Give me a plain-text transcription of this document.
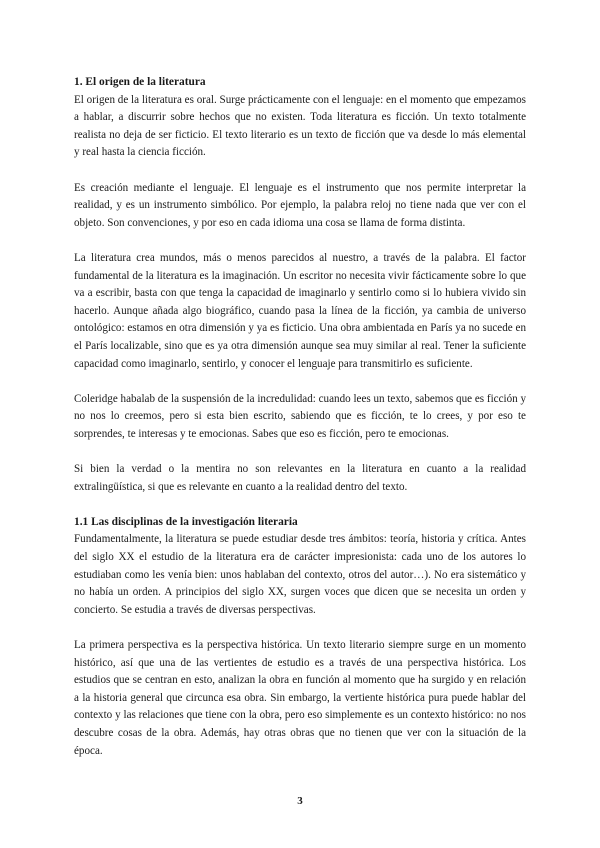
1. El origen de la literatura

El origen de la literatura es oral. Surge prácticamente con el lenguaje: en el momento que empezamos a hablar, a discurrir sobre hechos que no existen. Toda literatura es ficción. Un texto totalmente realista no deja de ser ficticio. El texto literario es un texto de ficción que va desde lo más elemental y real hasta la ciencia ficción.

Es creación mediante el lenguaje. El lenguaje es el instrumento que nos permite interpretar la realidad, y es un instrumento simbólico. Por ejemplo, la palabra reloj no tiene nada que ver con el objeto. Son convenciones, y por eso en cada idioma una cosa se llama de forma distinta.

La literatura crea mundos, más o menos parecidos al nuestro, a través de la palabra. El factor fundamental de la literatura es la imaginación. Un escritor no necesita vivir fácticamente sobre lo que va a escribir, basta con que tenga la capacidad de imaginarlo y sentirlo como si lo hubiera vivido sin hacerlo. Aunque añada algo biográfico, cuando pasa la línea de la ficción, ya cambia de universo ontológico: estamos en otra dimensión y ya es ficticio. Una obra ambientada en París ya no sucede en el París localizable, sino que es ya otra dimensión aunque sea muy similar al real. Tener la suficiente capacidad como imaginarlo, sentirlo, y conocer el lenguaje para transmitirlo es suficiente.

Coleridge habalab de la suspensión de la incredulidad: cuando lees un texto, sabemos que es ficción y no nos lo creemos, pero si esta bien escrito, sabiendo que es ficción, te lo crees, y por eso te sorprendes, te interesas y te emocionas. Sabes que eso es ficción, pero te emocionas.

Si bien la verdad o la mentira no son relevantes en la literatura en cuanto a la realidad extralingüística, si que es relevante en cuanto a la realidad dentro del texto.

1.1 Las disciplinas de la investigación literaria

Fundamentalmente, la literatura se puede estudiar desde tres ámbitos: teoría, historia y crítica. Antes del siglo XX el estudio de la literatura era de carácter impresionista: cada uno de los autores lo estudiaban como les venía bien: unos hablaban del contexto, otros del autor…). No era sistemático y no había un orden. A principios del siglo XX, surgen voces que dicen que se necesita un orden y concierto. Se estudia a través de diversas perspectivas.

La primera perspectiva es la perspectiva histórica. Un texto literario siempre surge en un momento histórico, así que una de las vertientes de estudio es a través de una perspectiva histórica. Los estudios que se centran en esto, analizan la obra en función al momento que ha surgido y en relación a la historia general que circunca esa obra. Sin embargo, la vertiente histórica pura puede hablar del contexto y las relaciones que tiene con la obra, pero eso simplemente es un contexto histórico: no nos descubre cosas de la obra. Además, hay otras obras que no tienen que ver con la situación de la época.

3
